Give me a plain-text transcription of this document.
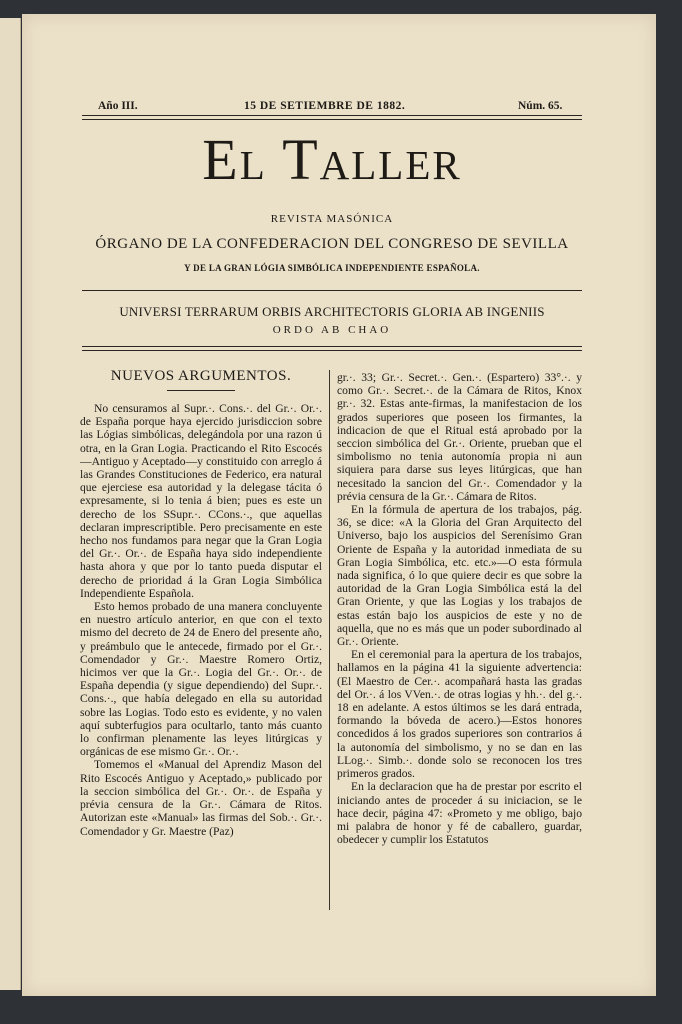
Año III.	15 DE SETIEMBRE DE 1882.	Núm. 65.
El Taller
REVISTA MASÓNICA
ÓRGANO DE LA CONFEDERACION DEL CONGRESO DE SEVILLA
Y DE LA GRAN LÓGIA SIMBÓLICA INDEPENDIENTE ESPAÑOLA.
UNIVERSI TERRARUM ORBIS ARCHITECTORIS GLORIA AB INGENIIS
ORDO AB CHAO
NUEVOS ARGUMENTOS.

No censuramos al Supr.·. Cons.·. del Gr.·. Or.·. de España porque haya ejercido jurisdiccion sobre las Lógias simbólicas, delegándola por una razon ú otra, en la Gran Logia. Practicando el Rito Escocés—Antiguo y Aceptado—y constituido con arreglo á las Grandes Constituciones de Federico, era natural que ejerciese esa autoridad y la delegase tácita ó expresamente, si lo tenia á bien; pues es este un derecho de los SSupr.·. CCons.·., que aquellas declaran imprescriptible. Pero precisamente en este hecho nos fundamos para negar que la Gran Logia del Gr.·. Or.·. de España haya sido independiente hasta ahora y que por lo tanto pueda disputar el derecho de prioridad á la Gran Logia Simbólica Independiente Española.

Esto hemos probado de una manera concluyente en nuestro artículo anterior, en que con el texto mismo del decreto de 24 de Enero del presente año, y preámbulo que le antecede, firmado por el Gr.·. Comendador y Gr.·. Maestre Romero Ortiz, hicimos ver que la Gr.·. Logia del Gr.·. Or.·. de España dependia (y sigue dependiendo) del Supr.·. Cons.·., que había delegado en ella su autoridad sobre las Logias. Todo esto es evidente, y no valen aquí subterfugios para ocultarlo, tanto más cuanto lo confirman plenamente las leyes litúrgicas y orgánicas de ese mismo Gr.·. Or.·.

Tomemos el «Manual del Aprendiz Mason del Rito Escocés Antiguo y Aceptado,» publicado por la seccion simbólica del Gr.·. Or.·. de España y prévia censura de la Gr.·. Cámara de Ritos. Autorizan este «Manual» las firmas del Sob.·. Gr.·. Comendador y Gr. Maestre (Paz)

gr.·. 33; Gr.·. Secret.·. Gen.·. (Espartero) 33°.·. y como Gr.·. Secret.·. de la Cámara de Ritos, Knox gr.·. 32. Estas ante-firmas, la manifestacion de los grados superiores que poseen los firmantes, la indicacion de que el Ritual está aprobado por la seccion simbólica del Gr.·. Oriente, prueban que el simbolismo no tenia autonomía propia ni aun siquiera para darse sus leyes litúrgicas, que han necesitado la sancion del Gr.·. Comendador y la prévia censura de la Gr.·. Cámara de Ritos.

En la fórmula de apertura de los trabajos, pág. 36, se dice: «A la Gloria del Gran Arquitecto del Universo, bajo los auspicios del Serenísimo Gran Oriente de España y la autoridad inmediata de su Gran Logia Simbólica, etc. etc.»—O esta fórmula nada significa, ó lo que quiere decir es que sobre la autoridad de la Gran Logia Simbólica está la del Gran Oriente, y que las Logias y los trabajos de estas están bajo los auspicios de este y no de aquella, que no es más que un poder subordinado al Gr.·. Oriente.

En el ceremonial para la apertura de los trabajos, hallamos en la página 41 la siguiente advertencia: (El Maestro de Cer.·. acompañará hasta las gradas del Or.·. á los VVen.·. de otras logias y hh.·. del g.·. 18 en adelante. A estos últimos se les dará entrada, formando la bóveda de acero.)—Estos honores concedidos á los grados superiores son contrarios á la autonomía del simbolismo, y no se dan en las LLog.·. Simb.·. donde solo se reconocen los tres primeros grados.

En la declaracion que ha de prestar por escrito el iniciando antes de proceder á su iniciacion, se le hace decir, página 47: «Prometo y me obligo, bajo mi palabra de honor y fé de caballero, guardar, obedecer y cumplir los Estatutos
